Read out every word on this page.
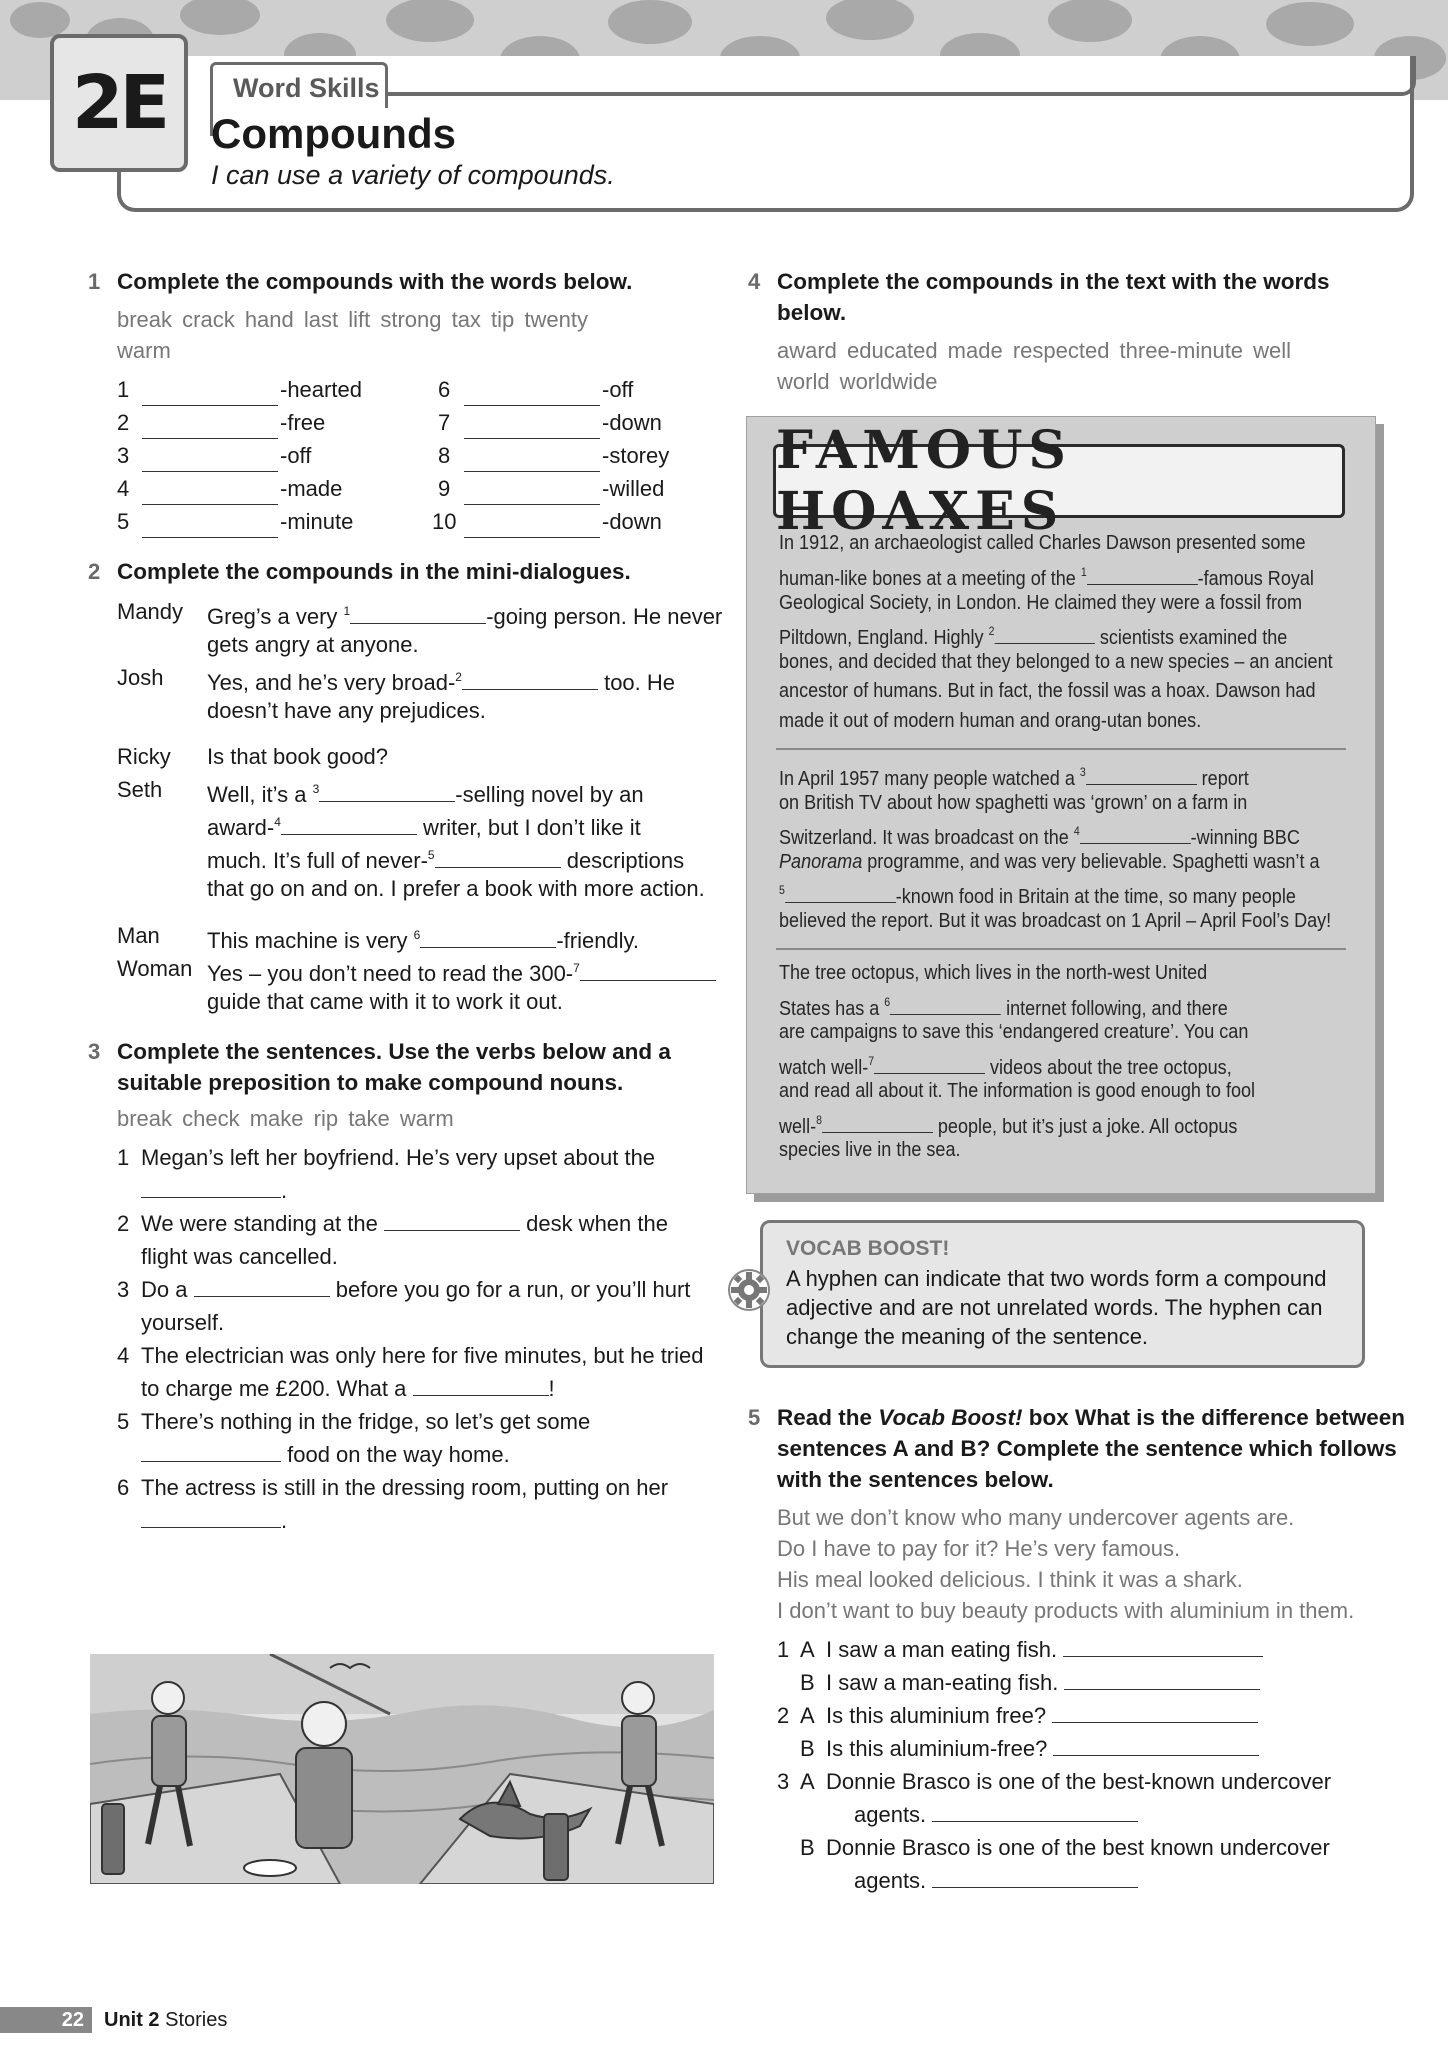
2E	Word Skills
Compounds
I can use a variety of compounds.
1 Complete the compounds with the words below.
break crack hand last lift strong tax tip twenty
warm
1	-hearted
2	-free
3	-off
4	-made
5	-minute
6	-off
7	-down
8	-storey
9	-willed
10	-down
2 Complete the compounds in the mini-dialogues.
Mandy Greg’s a very $^1$	-going person. He never
gets angry at anyone.
Josh Yes, and he’s very broad-$^2$	too. He
doesn’t have any prejudices.
Ricky Is that book good?
Seth Well, it’s a $^3$	-selling novel by an
award-$^4$	writer, but I don’t like it
much. It’s full of never-$^5$	descriptions
that go on and on. I prefer a book with more action.
Man This machine is very $^6$	-friendly.
Woman Yes – you don’t need to read the 300-$^7$
guide that came with it to work it out.
3 Complete the sentences. Use the verbs below and a
suitable preposition to make compound nouns.
break check make rip take warm
1 Megan’s left her boyfriend. He’s very upset about the
.
2 We were standing at the	desk when the
flight was cancelled.
3 Do a	before you go for a run, or you’ll hurt
yourself.
4 The electrician was only here for five minutes, but he tried
to charge me £200. What a	!
5 There’s nothing in the fridge, so let’s get some
food on the way home.
6 The actress is still in the dressing room, putting on her
.
4 Complete the compounds in the text with the words
below.
award educated made respected three-minute well
world worldwide
FAMOUS HOAXES
In 1912, an archaeologist called Charles Dawson presented some
human-like bones at a meeting of the $^1$	-famous Royal
Geological Society, in London. He claimed they were a fossil from
Piltdown, England. Highly $^2$	scientists examined the
bones, and decided that they belonged to a new species – an ancient
ancestor of humans. But in fact, the fossil was a hoax. Dawson had
made it out of modern human and orang-utan bones.
In April 1957 many people watched a $^3$	report
on British TV about how spaghetti was ‘grown’ on a farm in
Switzerland. It was broadcast on the $^4$	-winning BBC
Panorama programme, and was very believable. Spaghetti wasn’t a
$^5$	-known food in Britain at the time, so many people
believed the report. But it was broadcast on 1 April – April Fool’s Day!
The tree octopus, which lives in the north-west United
States has a $^6$	internet following, and there
are campaigns to save this ‘endangered creature’. You can
watch well-$^7$	videos about the tree octopus,
and read all about it. The information is good enough to fool
well-$^8$	people, but it’s just a joke. All octopus
species live in the sea.
VOCAB BOOST!
A hyphen can indicate that two words form a compound
adjective and are not unrelated words. The hyphen can
change the meaning of the sentence.
5 Read the Vocab Boost! box What is the difference between
sentences A and B? Complete the sentence which follows
with the sentences below.
But we don’t know who many undercover agents are.
Do I have to pay for it? He’s very famous.
His meal looked delicious. I think it was a shark.
I don’t want to buy beauty products with aluminium in them.
1 A I saw a man eating fish.
B I saw a man-eating fish.
2 A Is this aluminium free?
B Is this aluminium-free?
3 A Donnie Brasco is one of the best-known undercover
agents.
B Donnie Brasco is one of the best known undercover
agents.
22	Unit 2 Stories
